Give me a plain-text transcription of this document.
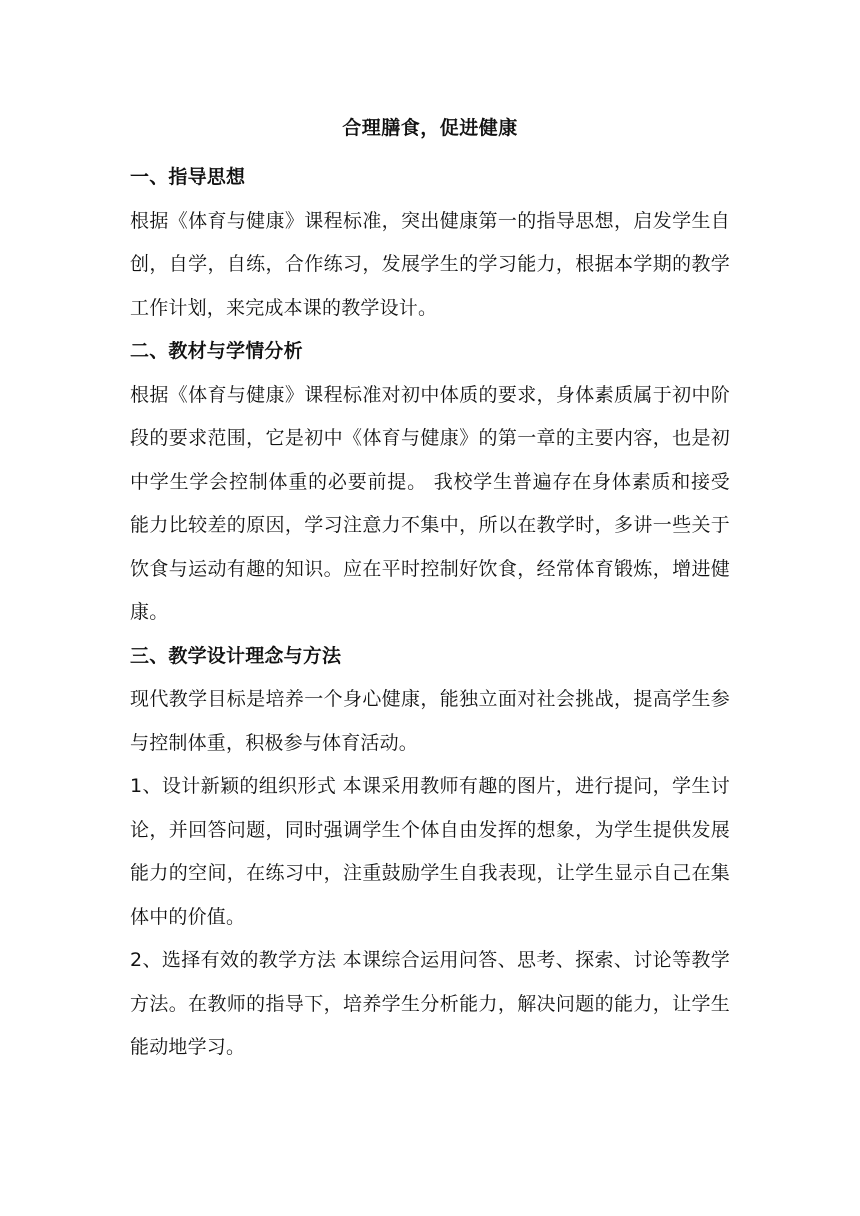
合理膳食，促进健康
一、指导思想

根据《体育与健康》课程标准，突出健康第一的指导思想，启发学生自创，自学，自练，合作练习，发展学生的学习能力，根据本学期的教学工作计划，来完成本课的教学设计。

二、教材与学情分析

根据《体育与健康》课程标准对初中体质的要求，身体素质属于初中阶段的要求范围，它是初中《体育与健康》的第一章的主要内容，也是初中学生学会控制体重的必要前提。 我校学生普遍存在身体素质和接受能力比较差的原因，学习注意力不集中，所以在教学时，多讲一些关于饮食与运动有趣的知识。应在平时控制好饮食，经常体育锻炼，增进健康。

三、教学设计理念与方法

现代教学目标是培养一个身心健康，能独立面对社会挑战，提高学生参与控制体重，积极参与体育活动。

1、设计新颖的组织形式 本课采用教师有趣的图片，进行提问，学生讨论，并回答问题，同时强调学生个体自由发挥的想象，为学生提供发展能力的空间，在练习中，注重鼓励学生自我表现，让学生显示自己在集体中的价值。

2、选择有效的教学方法 本课综合运用问答、思考、探索、讨论等教学方法。在教师的指导下，培养学生分析能力，解决问题的能力，让学生能动地学习。
